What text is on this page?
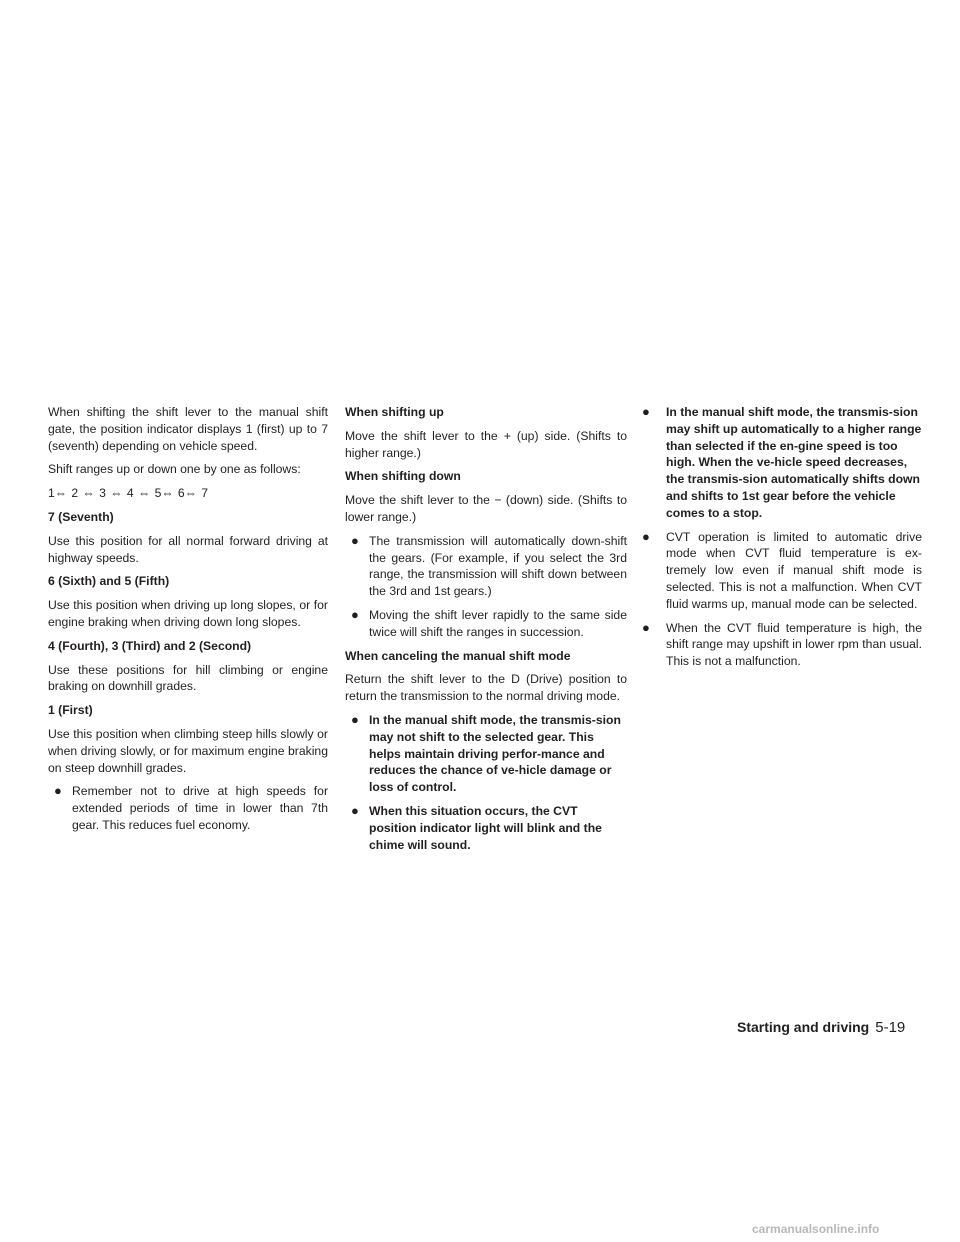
When shifting the shift lever to the manual shift gate, the position indicator displays 1 (first) up to 7 (seventh) depending on vehicle speed.

Shift ranges up or down one by one as follows:

1⇔ 2 ⇔ 3 ⇔ 4 ⇔ 5⇔ 6⇔ 7

7 (Seventh)

Use this position for all normal forward driving at highway speeds.

6 (Sixth) and 5 (Fifth)

Use this position when driving up long slopes, or for engine braking when driving down long slopes.

4 (Fourth), 3 (Third) and 2 (Second)

Use these positions for hill climbing or engine braking on downhill grades.

1 (First)

Use this position when climbing steep hills slowly or when driving slowly, or for maximum engine braking on steep downhill grades.

● Remember not to drive at high speeds for extended periods of time in lower than 7th gear. This reduces fuel economy.

When shifting up

Move the shift lever to the + (up) side. (Shifts to higher range.)

When shifting down

Move the shift lever to the − (down) side. (Shifts to lower range.)

● The transmission will automatically down-shift the gears. (For example, if you select the 3rd range, the transmission will shift down between the 3rd and 1st gears.)
● Moving the shift lever rapidly to the same side twice will shift the ranges in succession.

When canceling the manual shift mode

Return the shift lever to the D (Drive) position to return the transmission to the normal driving mode.

● In the manual shift mode, the transmis-sion may not shift to the selected gear. This helps maintain driving perfor-mance and reduces the chance of ve-hicle damage or loss of control.
● When this situation occurs, the CVT position indicator light will blink and the chime will sound.
● In the manual shift mode, the transmis-sion may shift up automatically to a higher range than selected if the en-gine speed is too high. When the ve-hicle speed decreases, the transmis-sion automatically shifts down and shifts to 1st gear before the vehicle comes to a stop.
● CVT operation is limited to automatic drive mode when CVT fluid temperature is ex-tremely low even if manual shift mode is selected. This is not a malfunction. When CVT fluid warms up, manual mode can be selected.
● When the CVT fluid temperature is high, the shift range may upshift in lower rpm than usual. This is not a malfunction.
Starting and driving 5-19
carmanualsonline.info
